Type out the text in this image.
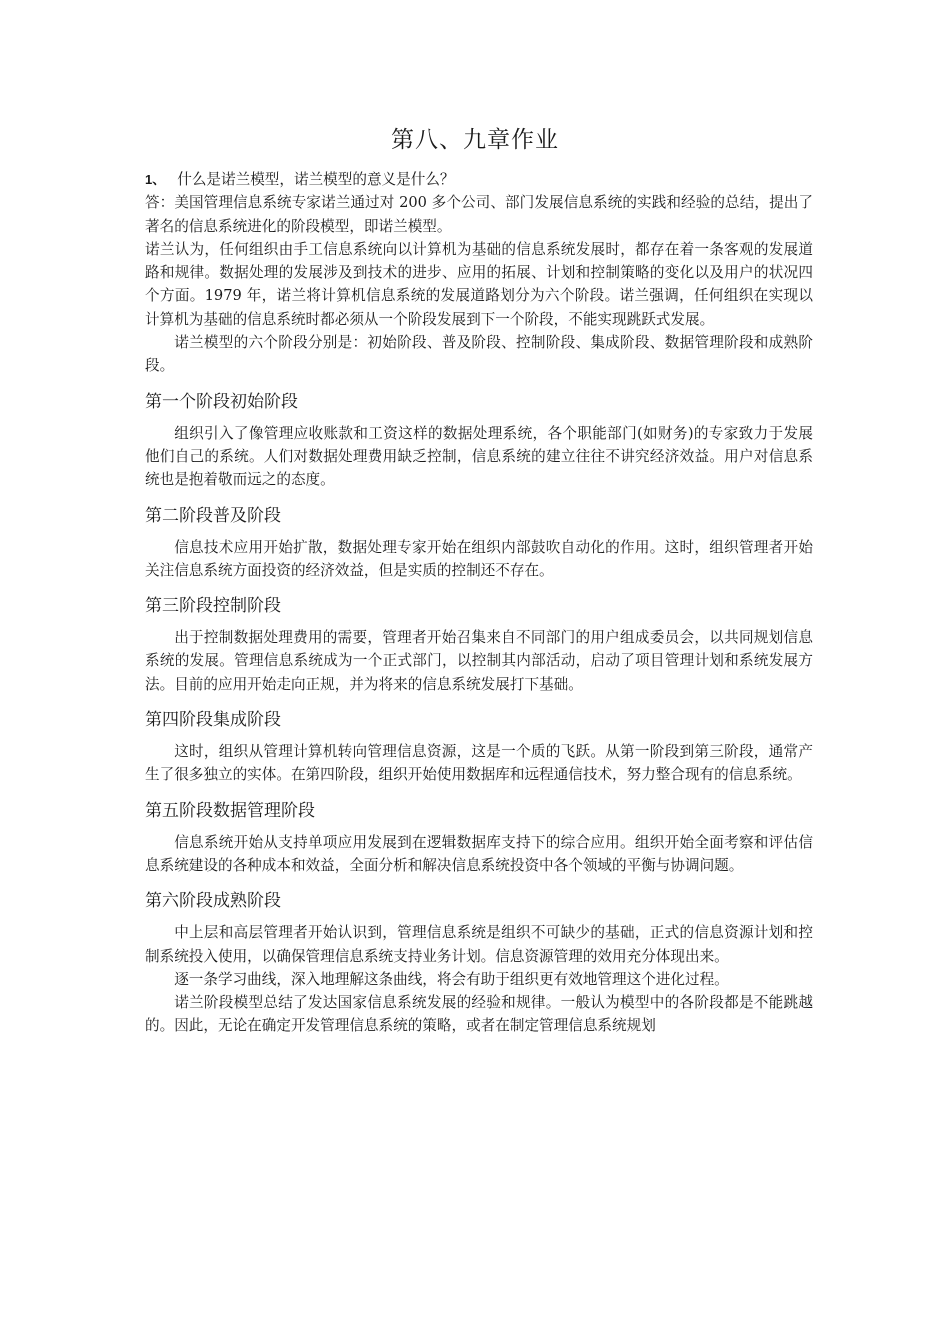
第八、九章作业

1、 什么是诺兰模型，诺兰模型的意义是什么？

答：美国管理信息系统专家诺兰通过对 200 多个公司、部门发展信息系统的实践和经验的总结，提出了著名的信息系统进化的阶段模型，即诺兰模型。

诺兰认为，任何组织由手工信息系统向以计算机为基础的信息系统发展时，都存在着一条客观的发展道路和规律。数据处理的发展涉及到技术的进步、应用的拓展、计划和控制策略的变化以及用户的状况四个方面。1979 年，诺兰将计算机信息系统的发展道路划分为六个阶段。诺兰强调，任何组织在实现以计算机为基础的信息系统时都必须从一个阶段发展到下一个阶段，不能实现跳跃式发展。

诺兰模型的六个阶段分别是：初始阶段、普及阶段、控制阶段、集成阶段、数据管理阶段和成熟阶段。

第一个阶段初始阶段

组织引入了像管理应收账款和工资这样的数据处理系统，各个职能部门(如财务)的专家致力于发展他们自己的系统。人们对数据处理费用缺乏控制，信息系统的建立往往不讲究经济效益。用户对信息系统也是抱着敬而远之的态度。

第二阶段普及阶段

信息技术应用开始扩散，数据处理专家开始在组织内部鼓吹自动化的作用。这时，组织管理者开始关注信息系统方面投资的经济效益，但是实质的控制还不存在。

第三阶段控制阶段

出于控制数据处理费用的需要，管理者开始召集来自不同部门的用户组成委员会，以共同规划信息系统的发展。管理信息系统成为一个正式部门，以控制其内部活动，启动了项目管理计划和系统发展方法。目前的应用开始走向正规，并为将来的信息系统发展打下基础。

第四阶段集成阶段

这时，组织从管理计算机转向管理信息资源，这是一个质的飞跃。从第一阶段到第三阶段，通常产生了很多独立的实体。在第四阶段，组织开始使用数据库和远程通信技术，努力整合现有的信息系统。

第五阶段数据管理阶段

信息系统开始从支持单项应用发展到在逻辑数据库支持下的综合应用。组织开始全面考察和评估信息系统建设的各种成本和效益，全面分析和解决信息系统投资中各个领域的平衡与协调问题。

第六阶段成熟阶段

中上层和高层管理者开始认识到，管理信息系统是组织不可缺少的基础，正式的信息资源计划和控制系统投入使用，以确保管理信息系统支持业务计划。信息资源管理的效用充分体现出来。

逐一条学习曲线，深入地理解这条曲线，将会有助于组织更有效地管理这个进化过程。

诺兰阶段模型总结了发达国家信息系统发展的经验和规律。一般认为模型中的各阶段都是不能跳越的。因此，无论在确定开发管理信息系统的策略，或者在制定管理信息系统规划
